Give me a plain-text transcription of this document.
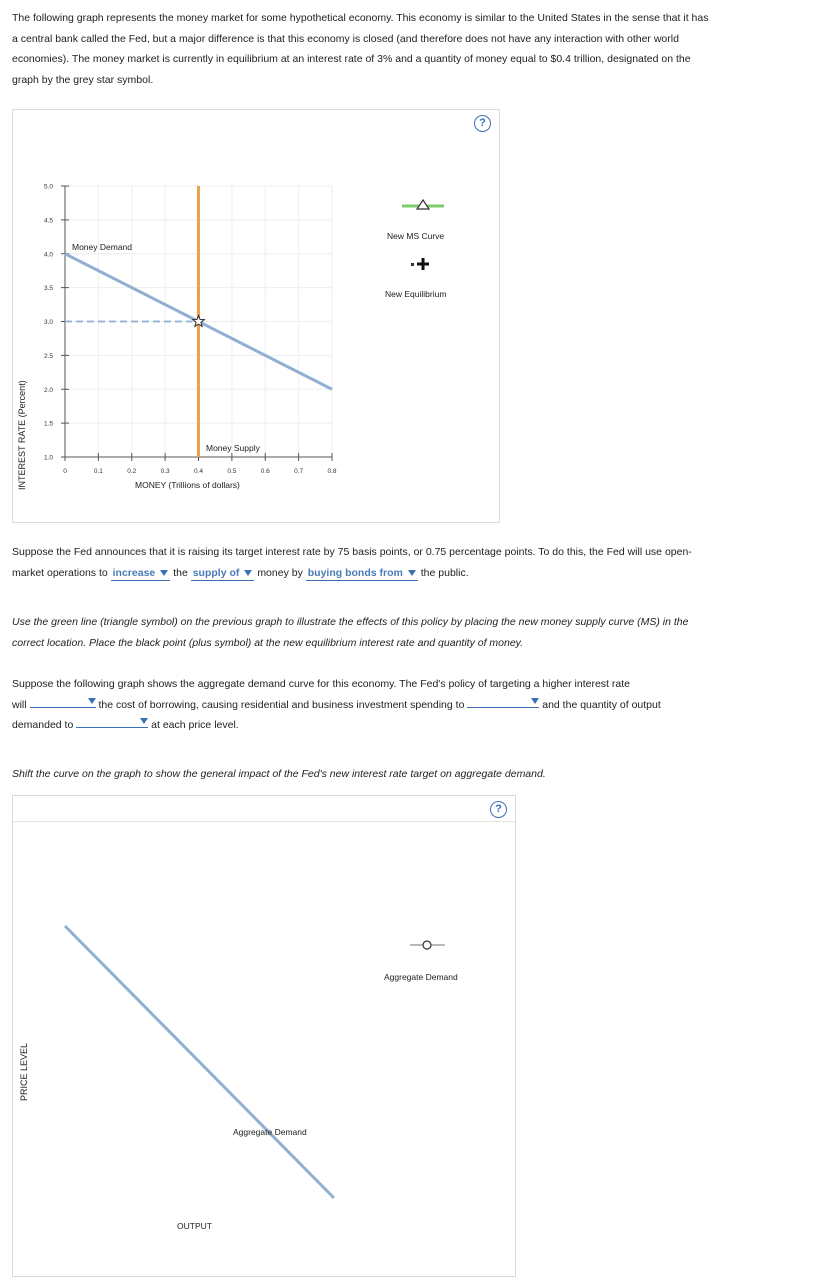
The following graph represents the money market for some hypothetical economy. This economy is similar to the United States in the sense that it has
a central bank called the Fed, but a major difference is that this economy is closed (and therefore does not have any interaction with other world
economies). The money market is currently in equilibrium at an interest rate of 3% and a quantity of money equal to $0.4 trillion, designated on the
graph by the grey star symbol.
?
INTEREST RATE (Percent)
5.0
4.5
4.0
3.5
3.0
2.5
2.0
1.5
1.0
0	0.1	0.2	0.3	0.4	0.5	0.6	0.7	0.8
Money Demand
Money Supply
MONEY (Trillions of dollars)
New MS Curve
New Equilibrium
Suppose the Fed announces that it is raising its target interest rate by 75 basis points, or 0.75 percentage points. To do this, the Fed will use open-
market operations to increase the supply of money by buying bonds from the public.
Use the green line (triangle symbol) on the previous graph to illustrate the effects of this policy by placing the new money supply curve (MS) in the
correct location. Place the black point (plus symbol) at the new equilibrium interest rate and quantity of money.
Suppose the following graph shows the aggregate demand curve for this economy. The Fed's policy of targeting a higher interest rate
will	the cost of borrowing, causing residential and business investment spending to	and the quantity of output
demanded to	at each price level.
Shift the curve on the graph to show the general impact of the Fed's new interest rate target on aggregate demand.
?
PRICE LEVEL
Aggregate Demand
OUTPUT
Aggregate Demand
